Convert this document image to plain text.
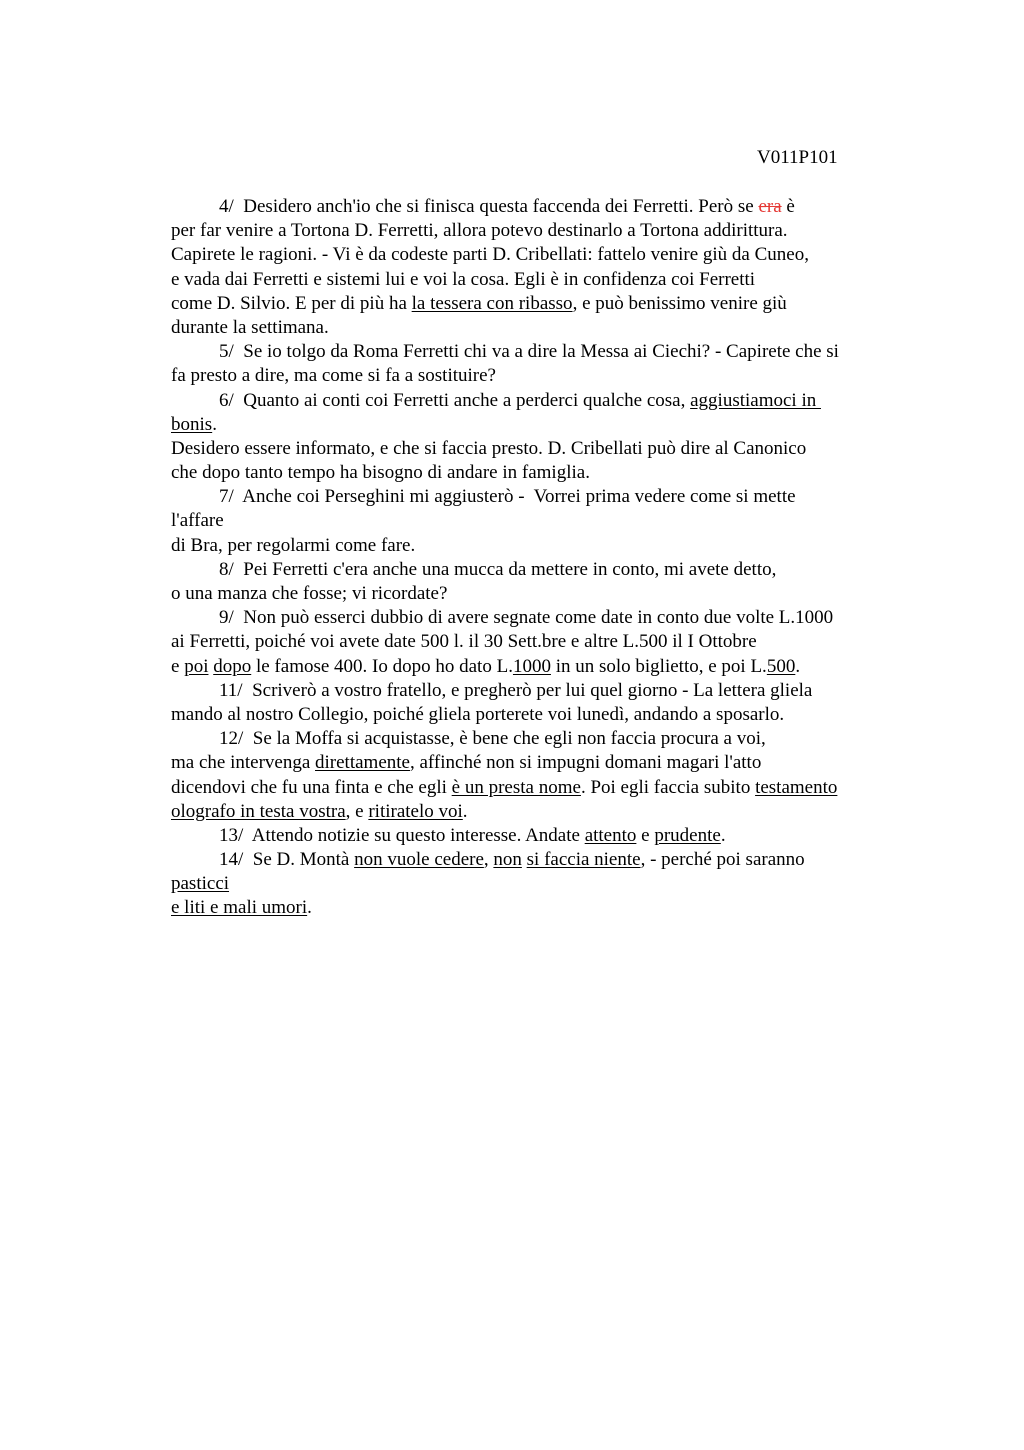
V011P101
4/  Desidero anch'io che si finisca questa faccenda dei Ferretti. Però se era è
per far venire a Tortona D. Ferretti, allora potevo destinarlo a Tortona addirittura.
Capirete le ragioni. - Vi è da codeste parti D. Cribellati: fattelo venire giù da Cuneo,
e vada dai Ferretti e sistemi lui e voi la cosa. Egli è in confidenza coi Ferretti
come D. Silvio. E per di più ha la tessera con ribasso, e può benissimo venire giù
durante la settimana.
5/  Se io tolgo da Roma Ferretti chi va a dire la Messa ai Ciechi? - Capirete che si
fa presto a dire, ma come si fa a sostituire?
6/  Quanto ai conti coi Ferretti anche a perderci qualche cosa, aggiustiamoci in
bonis.
Desidero essere informato, e che si faccia presto. D. Cribellati può dire al Canonico
che dopo tanto tempo ha bisogno di andare in famiglia.
7/  Anche coi Perseghini mi aggiusterò -  Vorrei prima vedere come si mette
l'affare
di Bra, per regolarmi come fare.
8/  Pei Ferretti c'era anche una mucca da mettere in conto, mi avete detto,
o una manza che fosse; vi ricordate?
9/  Non può esserci dubbio di avere segnate come date in conto due volte L.1000
ai Ferretti, poiché voi avete date 500 l. il 30 Sett.bre e altre L.500 il I Ottobre
e poi dopo le famose 400. Io dopo ho dato L.1000 in un solo biglietto, e poi L.500.
11/  Scriverò a vostro fratello, e pregherò per lui quel giorno - La lettera gliela
mando al nostro Collegio, poiché gliela porterete voi lunedì, andando a sposarlo.
12/  Se la Moffa si acquistasse, è bene che egli non faccia procura a voi,
ma che intervenga direttamente, affinché non si impugni domani magari l'atto
dicendovi che fu una finta e che egli è un presta nome. Poi egli faccia subito testamento
olografo in testa vostra, e ritiratelo voi.
13/  Attendo notizie su questo interesse. Andate attento e prudente.
14/  Se D. Montà non vuole cedere, non si faccia niente, - perché poi saranno
pasticci
e liti e mali umori.
